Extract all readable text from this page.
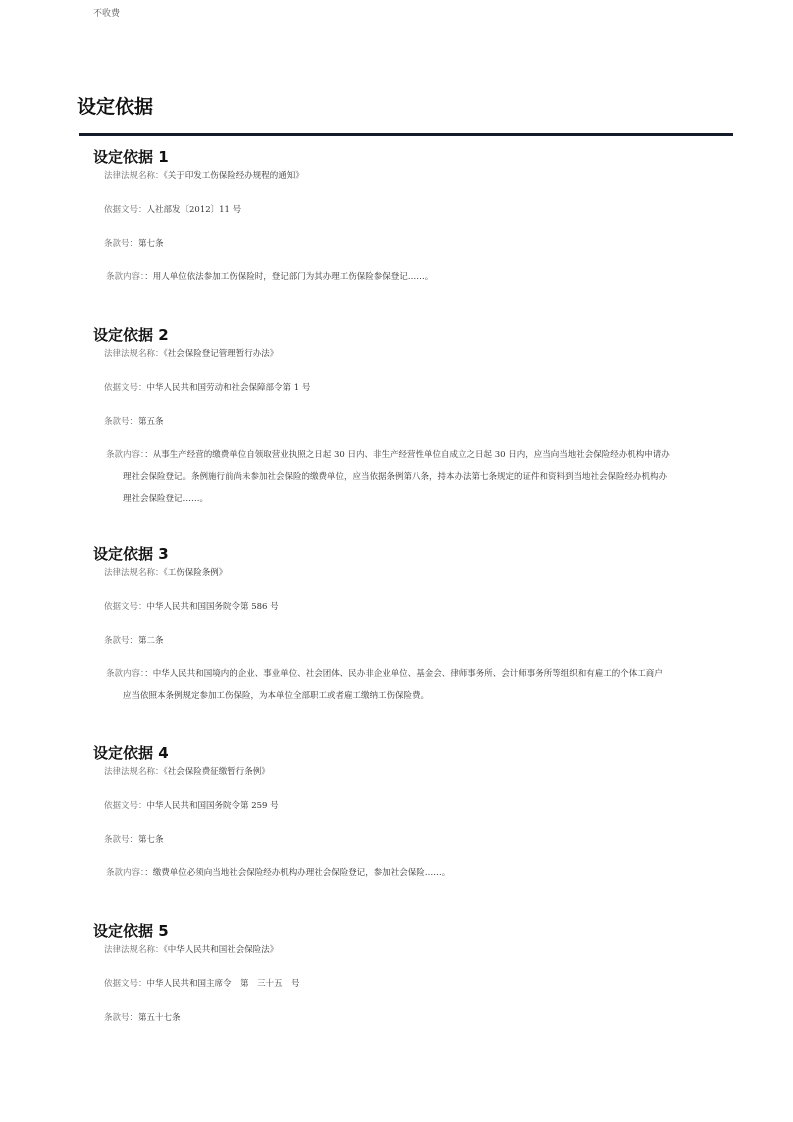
不收费
设定依据
设定依据 1
法律法规名称：《关于印发工伤保险经办规程的通知》
依据文号：人社部发〔2012〕11 号
条款号：第七条
条款内容：：用人单位依法参加工伤保险时，登记部门为其办理工伤保险参保登记……。
设定依据 2
法律法规名称：《社会保险登记管理暂行办法》
依据文号：中华人民共和国劳动和社会保障部令第 1 号
条款号：第五条
条款内容：：从事生产经营的缴费单位自领取营业执照之日起 30 日内、非生产经营性单位自成立之日起 30 日内，应当向当地社会保险经办机构申请办
理社会保险登记。条例施行前尚未参加社会保险的缴费单位，应当依据条例第八条，持本办法第七条规定的证件和资料到当地社会保险经办机构办
理社会保险登记……。
设定依据 3
法律法规名称：《工伤保险条例》
依据文号：中华人民共和国国务院令第 586 号
条款号：第二条
条款内容：：中华人民共和国境内的企业、事业单位、社会团体、民办非企业单位、基金会、律师事务所、会计师事务所等组织和有雇工的个体工商户
应当依照本条例规定参加工伤保险，为本单位全部职工或者雇工缴纳工伤保险费。
设定依据 4
法律法规名称：《社会保险费征缴暂行条例》
依据文号：中华人民共和国国务院令第 259 号
条款号：第七条
条款内容：：缴费单位必须向当地社会保险经办机构办理社会保险登记，参加社会保险……。
设定依据 5
法律法规名称：《中华人民共和国社会保险法》
依据文号：中华人民共和国主席令　第　三十五　号
条款号：第五十七条
